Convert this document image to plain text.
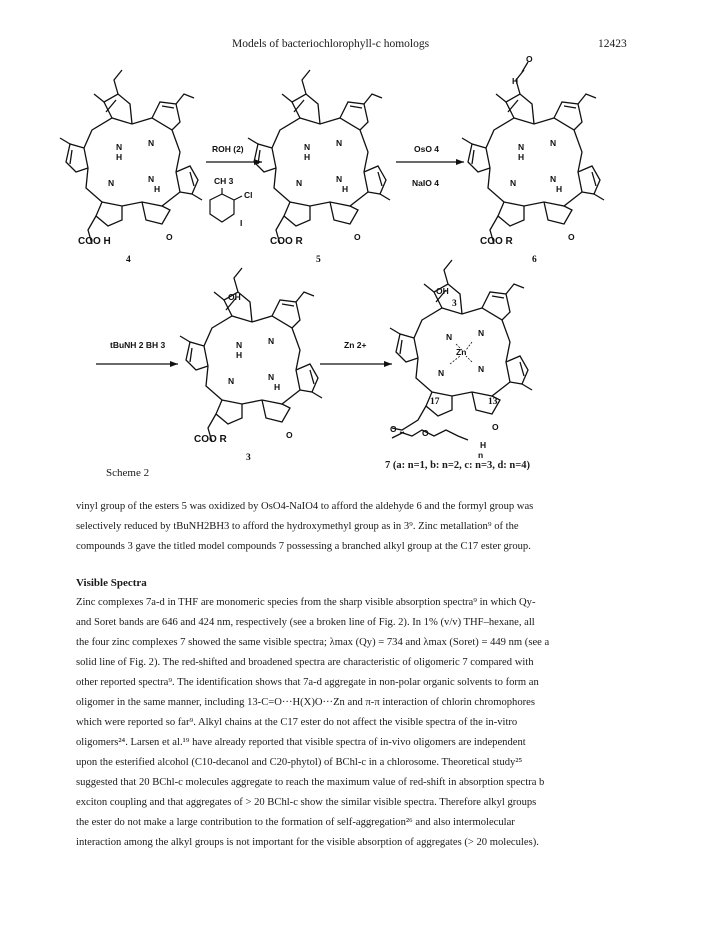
Models of bacteriochlorophyll-c homologs	12423
N
H
N
N	N
H
O
COO H
4
ROH (2)
CH 3
Cl
I
N
H
N
N	N
H
O
COO R
5
OsO 4
NaIO 4
O
N
H
N
N	N
H
O
H
COO R
6
tBuNH 2 BH 3	N
H
N
N	N
H
O
OH
COO R
3
Zn 2+
N	N
N	N
O
OH
Zn
3
17	13
O	O
H
n
Scheme 2
7 (a: n=1, b: n=2, c: n=3, d: n=4)
vinyl group of the esters 5 was oxidized by OsO4-NaIO4 to afford the aldehyde 6 and the formyl group was
selectively reduced by tBuNH2BH3 to afford the hydroxymethyl group as in 3⁹. Zinc metallation⁹ of the
compounds 3 gave the titled model compounds 7 possessing a branched alkyl group at the C17 ester group.
Visible Spectra
Zinc complexes 7a-d in THF are monomeric species from the sharp visible absorption spectra⁹ in which Qy-
and Soret bands are 646 and 424 nm, respectively (see a broken line of Fig. 2). In 1% (v/v) THF–hexane, all
the four zinc complexes 7 showed the same visible spectra; λmax (Qy) = 734 and λmax (Soret) = 449 nm (see a
solid line of Fig. 2). The red-shifted and broadened spectra are characteristic of oligomeric 7 compared with
other reported spectra⁹. The identification shows that 7a-d aggregate in non-polar organic solvents to form an
oligomer in the same manner, including 13-C=O···H(X)O···Zn and π-π interaction of chlorin chromophores
which were reported so far⁹. Alkyl chains at the C17 ester do not affect the visible spectra of the in-vitro
oligomers²⁴. Larsen et al.¹⁹ have already reported that visible spectra of in-vivo oligomers are independent
upon the esterified alcohol (C10-decanol and C20-phytol) of BChl-c in a chlorosome. Theoretical study²⁵
suggested that 20 BChl-c molecules aggregate to reach the maximum value of red-shift in absorption spectra b
exciton coupling and that aggregates of > 20 BChl-c show the similar visible spectra. Therefore alkyl groups
the ester do not make a large contribution to the formation of self-aggregation²⁶ and also intermolecular
interaction among the alkyl groups is not important for the visible absorption of aggregates (> 20 molecules).
